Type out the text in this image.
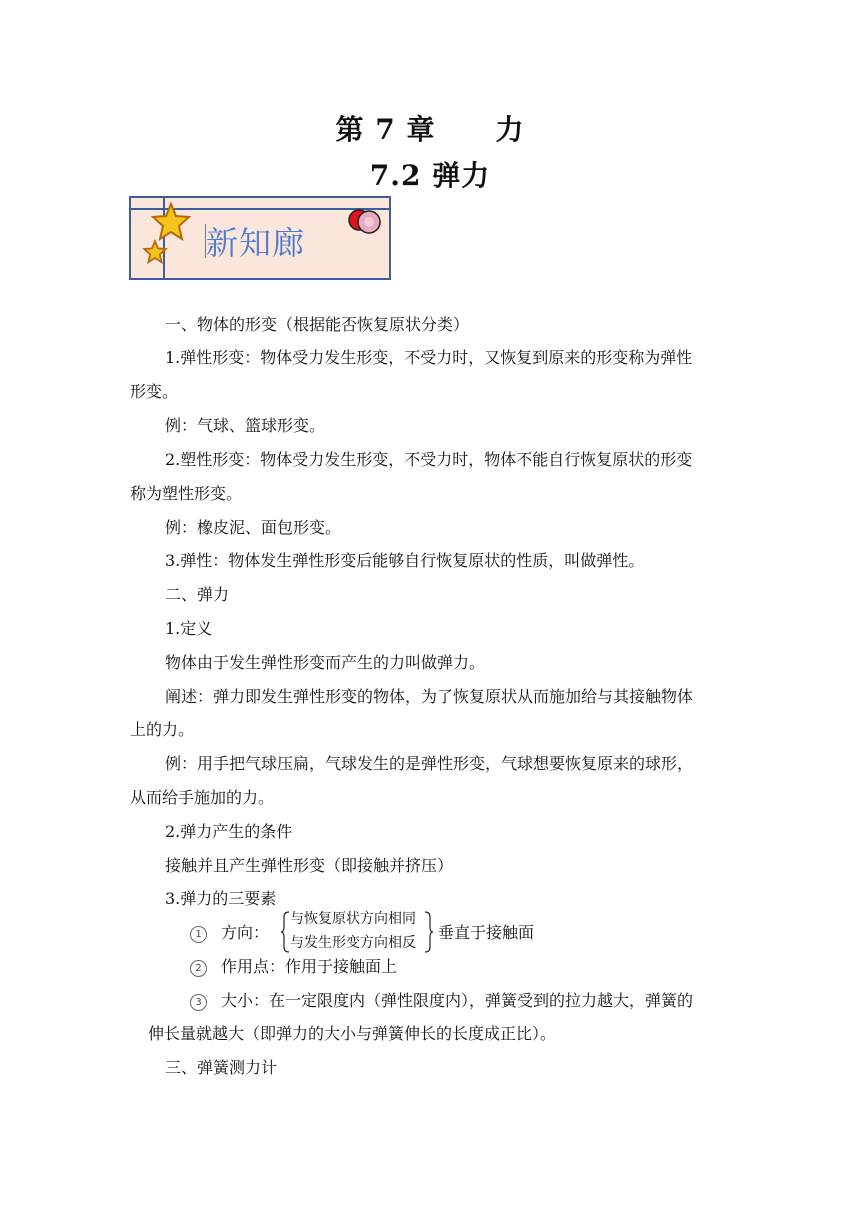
第 7 章 力
7.2 弹力
新知廊
一、物体的形变（根据能否恢复原状分类）
1.弹性形变：物体受力发生形变，不受力时，又恢复到原来的形变称为弹性
形变。
例：气球、篮球形变。
2.塑性形变：物体受力发生形变，不受力时，物体不能自行恢复原状的形变
称为塑性形变。
例：橡皮泥、面包形变。
3.弹性：物体发生弹性形变后能够自行恢复原状的性质，叫做弹性。
二、弹力
1.定义
物体由于发生弹性形变而产生的力叫做弹力。
阐述：弹力即发生弹性形变的物体，为了恢复原状从而施加给与其接触物体
上的力。
例：用手把气球压扁，气球发生的是弹性形变，气球想要恢复原来的球形，
从而给手施加的力。
2.弹力产生的条件
接触并且产生弹性形变（即接触并挤压）
3.弹力的三要素
1 方向：
与恢复原状方向相同
与发生形变方向相反
垂直于接触面
2 作用点：作用于接触面上
3 大小：在一定限度内（弹性限度内），弹簧受到的拉力越大，弹簧的
伸长量就越大（即弹力的大小与弹簧伸长的长度成正比）。
三、弹簧测力计
